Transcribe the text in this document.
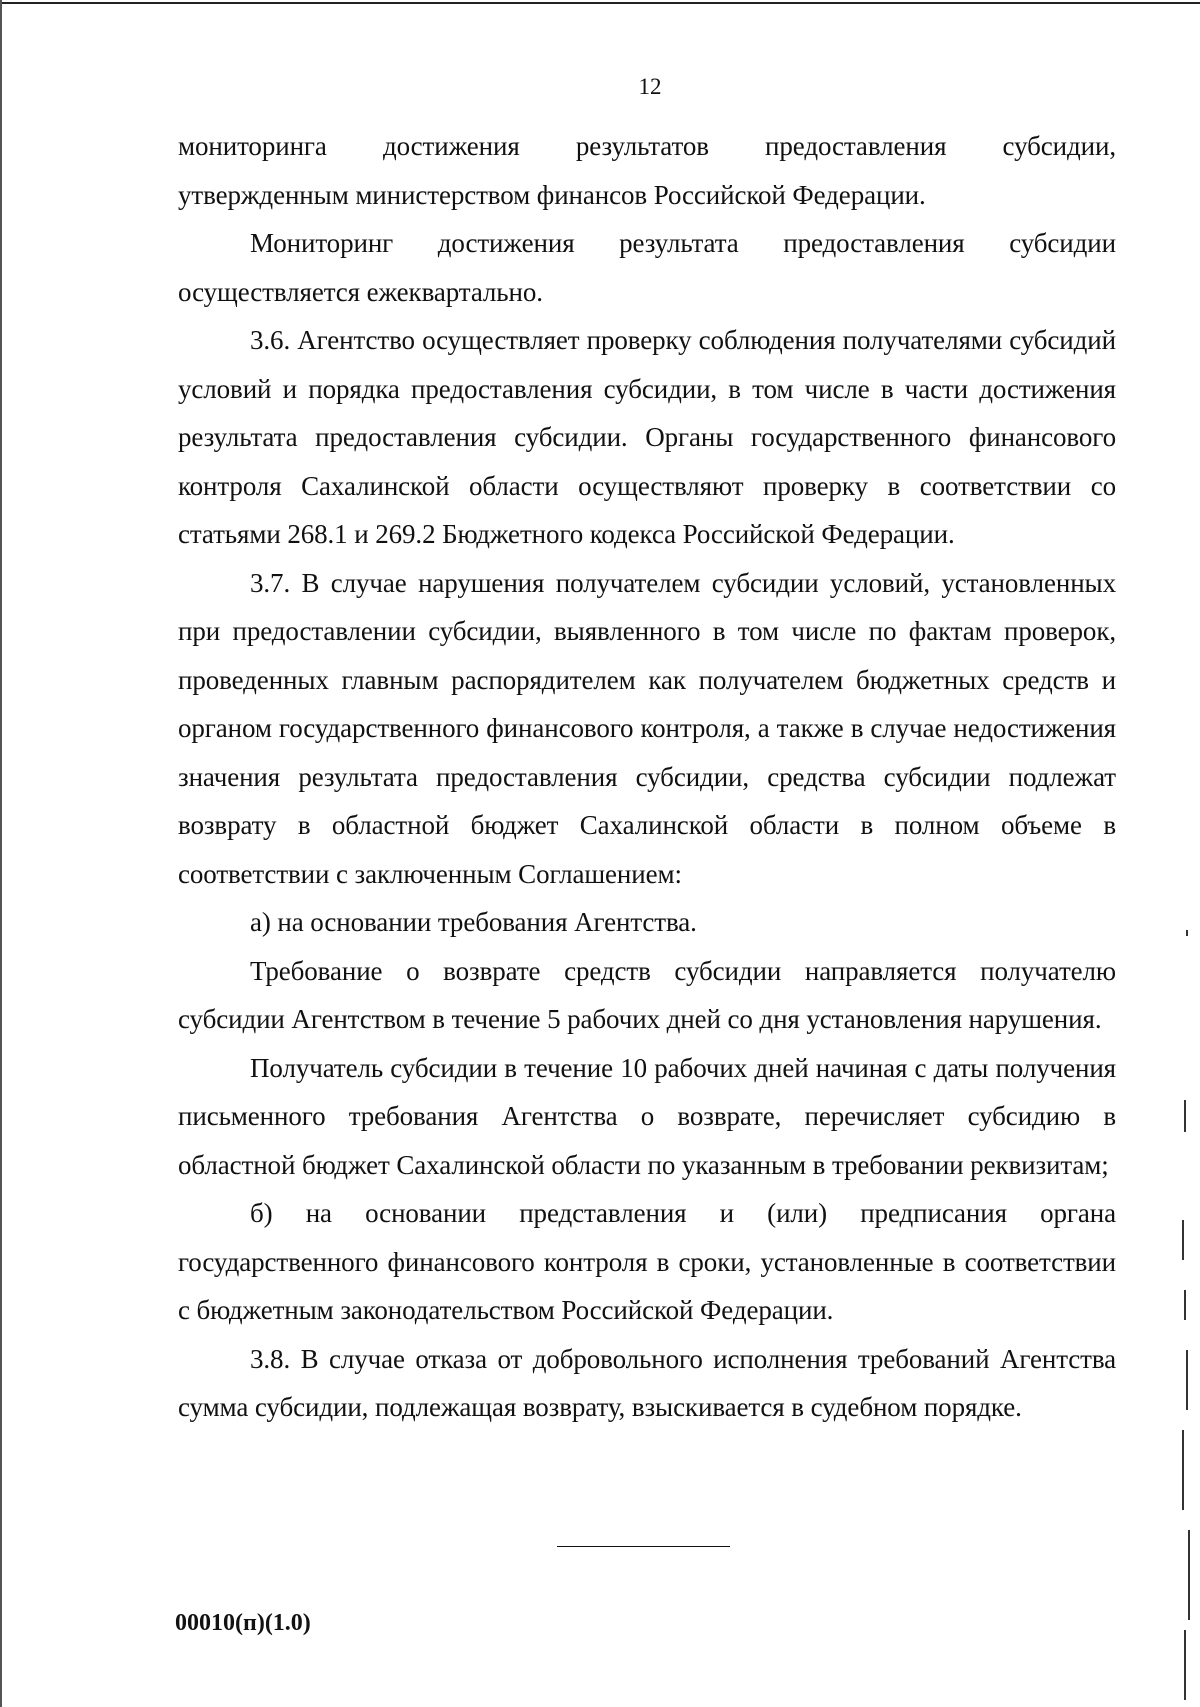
12

мониторинга достижения результатов предоставления субсидии,

утвержденным министерством финансов Российской Федерации.

Мониторинг достижения результата предоставления субсидии осуществляется ежеквартально.

3.6. Агентство осуществляет проверку соблюдения получателями субсидий условий и порядка предоставления субсидии, в том числе в части достижения результата предоставления субсидии. Органы государственного финансового контроля Сахалинской области осуществляют проверку в соответствии со статьями 268.1 и 269.2 Бюджетного кодекса Российской Федерации.

3.7. В случае нарушения получателем субсидии условий, установленных при предоставлении субсидии, выявленного в том числе по фактам проверок, проведенных главным распорядителем как получателем бюджетных средств и органом государственного финансового контроля, а также в случае недостижения значения результата предоставления субсидии, средства субсидии подлежат возврату в областной бюджет Сахалинской области в полном объеме в соответствии с заключенным Соглашением:

а) на основании требования Агентства.

Требование о возврате средств субсидии направляется получателю субсидии Агентством в течение 5 рабочих дней со дня установления нарушения.

Получатель субсидии в течение 10 рабочих дней начиная с даты получения письменного требования Агентства о возврате, перечисляет субсидию в областной бюджет Сахалинской области по указанным в требовании реквизитам;

б) на основании представления и (или) предписания органа государственного финансового контроля в сроки, установленные в соответствии с бюджетным законодательством Российской Федерации.

3.8. В случае отказа от добровольного исполнения требований Агентства сумма субсидии, подлежащая возврату, взыскивается в судебном порядке.

00010(п)(1.0)
